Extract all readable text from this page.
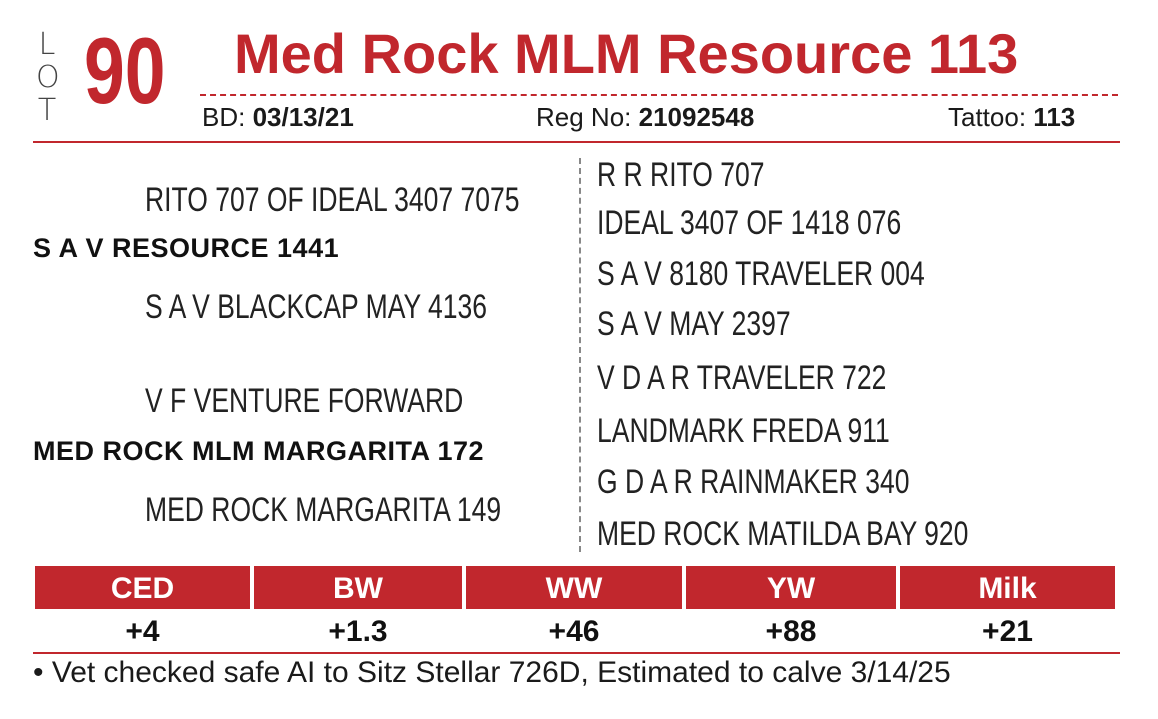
L
O
T 90 Med Rock MLM Resource 113
BD: 03/13/21	Reg No: 21092548	Tattoo: 113
RITO 707 OF IDEAL 3407 7075
S A V RESOURCE 1441
S A V BLACKCAP MAY 4136
V F VENTURE FORWARD
MED ROCK MLM MARGARITA 172
MED ROCK MARGARITA 149
R R RITO 707
IDEAL 3407 OF 1418 076
S A V 8180 TRAVELER 004
S A V MAY 2397
V D A R TRAVELER 722
LANDMARK FREDA 911
G D A R RAINMAKER 340
MED ROCK MATILDA BAY 920
CED	BW	WW	YW	Milk
+4	+1.3	+46	+88	+21
• Vet checked safe AI to Sitz Stellar 726D, Estimated to calve 3/14/25
